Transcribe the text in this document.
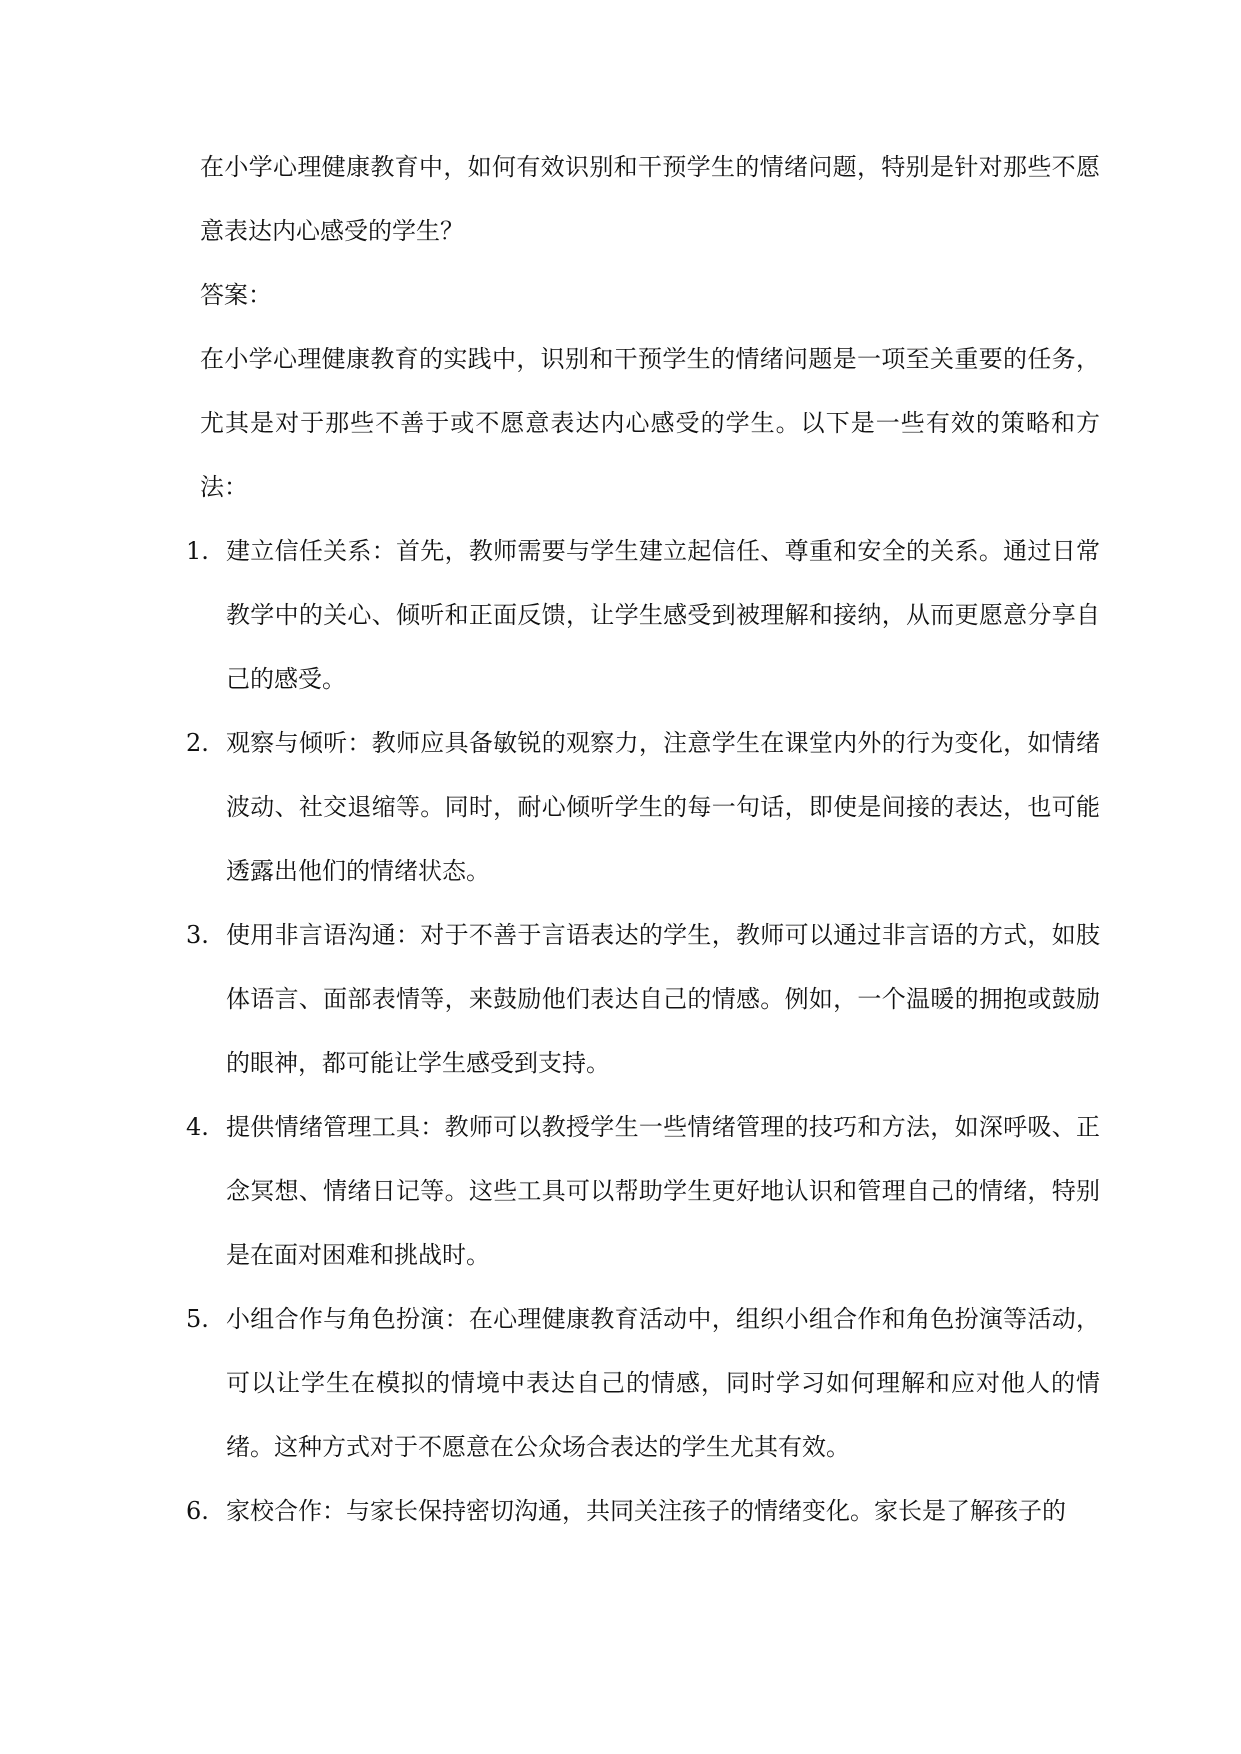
在小学心理健康教育中，如何有效识别和干预学生的情绪问题，特别是针对那些不愿意表达内心感受的学生？

答案：

在小学心理健康教育的实践中，识别和干预学生的情绪问题是一项至关重要的任务，尤其是对于那些不善于或不愿意表达内心感受的学生。以下是一些有效的策略和方法：

1. 建立信任关系：首先，教师需要与学生建立起信任、尊重和安全的关系。通过日常教学中的关心、倾听和正面反馈，让学生感受到被理解和接纳，从而更愿意分享自己的感受。
2. 观察与倾听：教师应具备敏锐的观察力，注意学生在课堂内外的行为变化，如情绪波动、社交退缩等。同时，耐心倾听学生的每一句话，即使是间接的表达，也可能透露出他们的情绪状态。
3. 使用非言语沟通：对于不善于言语表达的学生，教师可以通过非言语的方式，如肢体语言、面部表情等，来鼓励他们表达自己的情感。例如，一个温暖的拥抱或鼓励的眼神，都可能让学生感受到支持。
4. 提供情绪管理工具：教师可以教授学生一些情绪管理的技巧和方法，如深呼吸、正念冥想、情绪日记等。这些工具可以帮助学生更好地认识和管理自己的情绪，特别是在面对困难和挑战时。
5. 小组合作与角色扮演：在心理健康教育活动中，组织小组合作和角色扮演等活动，可以让学生在模拟的情境中表达自己的情感，同时学习如何理解和应对他人的情绪。这种方式对于不愿意在公众场合表达的学生尤其有效。
6. 家校合作：与家长保持密切沟通，共同关注孩子的情绪变化。家长是了解孩子的
